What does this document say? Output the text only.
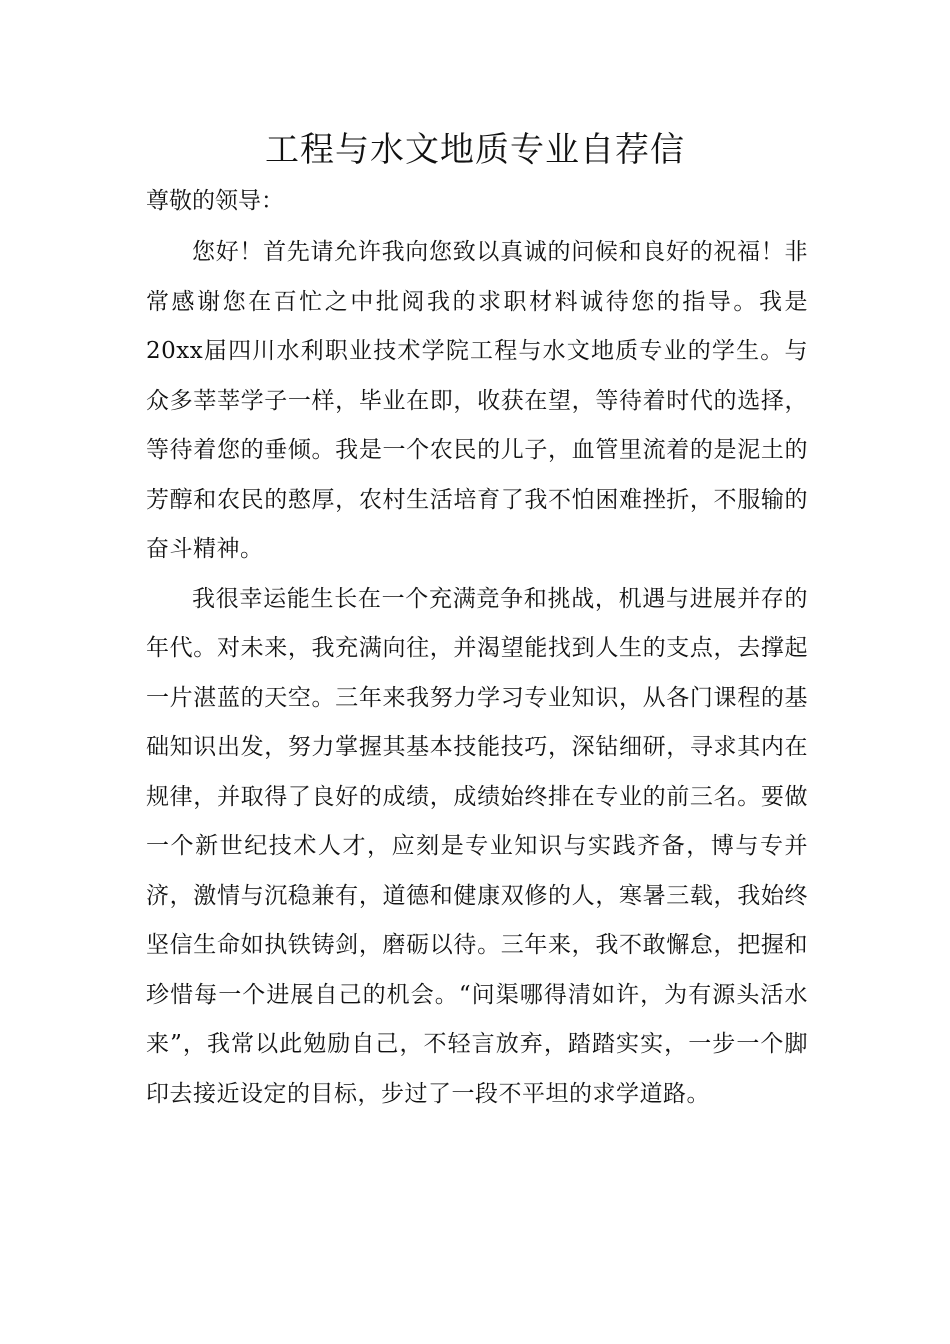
工程与水文地质专业自荐信

尊敬的领导：

您好！首先请允许我向您致以真诚的问候和良好的祝福！非常感谢您在百忙之中批阅我的求职材料诚待您的指导。我是20xx届四川水利职业技术学院工程与水文地质专业的学生。与众多莘莘学子一样，毕业在即，收获在望，等待着时代的选择，等待着您的垂倾。我是一个农民的儿子，血管里流着的是泥土的芳醇和农民的憨厚，农村生活培育了我不怕困难挫折，不服输的奋斗精神。

我很幸运能生长在一个充满竞争和挑战，机遇与进展并存的年代。对未来，我充满向往，并渴望能找到人生的支点，去撑起一片湛蓝的天空。三年来我努力学习专业知识，从各门课程的基础知识出发，努力掌握其基本技能技巧，深钻细研，寻求其内在规律，并取得了良好的成绩，成绩始终排在专业的前三名。要做一个新世纪技术人才，应刻是专业知识与实践齐备，博与专并济，激情与沉稳兼有，道德和健康双修的人，寒暑三载，我始终坚信生命如执铁铸剑，磨砺以待。三年来，我不敢懈怠，把握和珍惜每一个进展自己的机会。“问渠哪得清如许，为有源头活水来”，我常以此勉励自己，不轻言放弃，踏踏实实，一步一个脚印去接近设定的目标，步过了一段不平坦的求学道路。
